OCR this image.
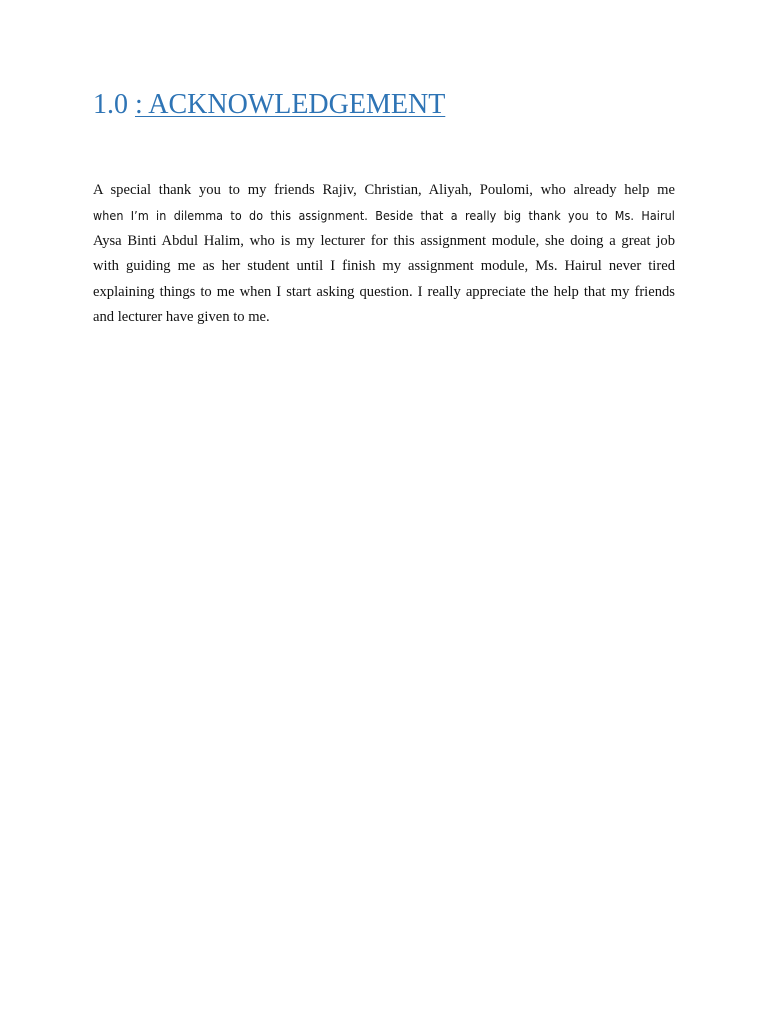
1.0 : ACKNOWLEDGEMENT
A special thank you to my friends Rajiv, Christian, Aliyah, Poulomi, who already help me
when I’m in dilemma to do this assignment. Beside that a really big thank you to Ms. Hairul
Aysa Binti Abdul Halim, who is my lecturer for this assignment module, she doing a great job
with guiding me as her student until I finish my assignment module, Ms. Hairul never tired
explaining things to me when I start asking question. I really appreciate the help that my friends
and lecturer have given to me.
